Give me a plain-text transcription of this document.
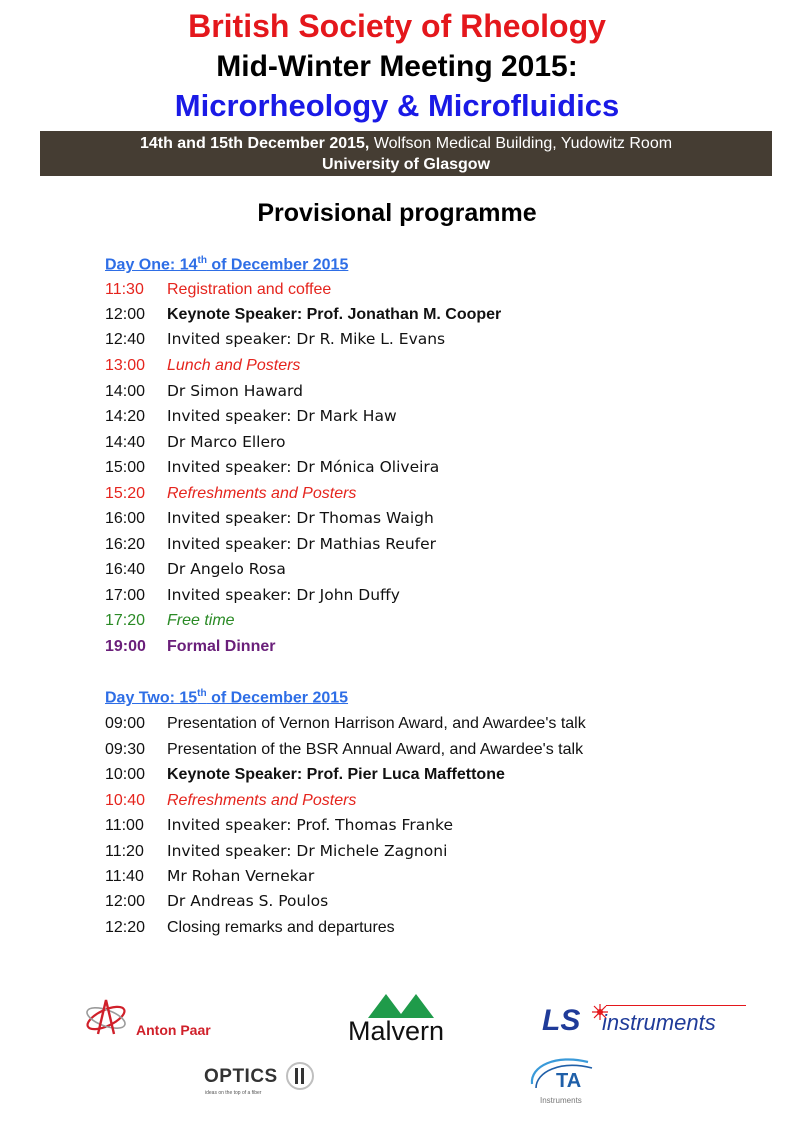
British Society of Rheology
Mid-Winter Meeting 2015:
Microrheology & Microfluidics
14th and 15th December 2015, Wolfson Medical Building, Yudowitz Room
University of Glasgow
Provisional programme
Day One: 14th of December 2015
11:30 Registration and coffee
12:00 Keynote Speaker: Prof. Jonathan M. Cooper
12:40 Invited speaker: Dr R. Mike L. Evans
13:00 Lunch and Posters
14:00 Dr Simon Haward
14:20 Invited speaker: Dr Mark Haw
14:40 Dr Marco Ellero
15:00 Invited speaker: Dr Mónica Oliveira
15:20 Refreshments and Posters
16:00 Invited speaker: Dr Thomas Waigh
16:20 Invited speaker: Dr Mathias Reufer
16:40 Dr Angelo Rosa
17:00 Invited speaker: Dr John Duffy
17:20 Free time
19:00 Formal Dinner
Day Two: 15th of December 2015
09:00 Presentation of Vernon Harrison Award, and Awardee's talk
09:30 Presentation of the BSR Annual Award, and Awardee's talk
10:00 Keynote Speaker: Prof. Pier Luca Maffettone
10:40 Refreshments and Posters
11:00 Invited speaker: Prof. Thomas Franke
11:20 Invited speaker: Dr Michele Zagnoni
11:40 Mr Rohan Vernekar
12:00 Dr Andreas S. Poulos
12:20 Closing remarks and departures
Anton Paar	Malvern	LS instruments
OPTICS
ideas on the top of a fiber
TA
Instruments
